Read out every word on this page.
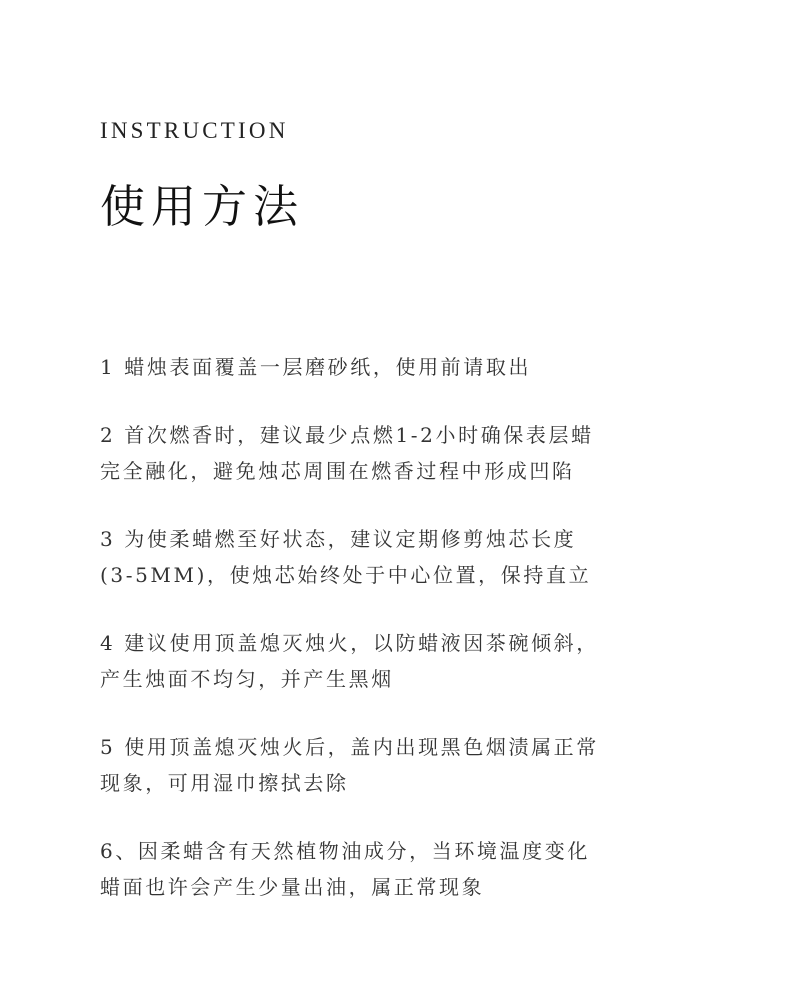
INSTRUCTION
使用方法
1 蜡烛表面覆盖一层磨砂纸，使用前请取出
2 首次燃香时，建议最少点燃1-2小时确保表层蜡
完全融化，避免烛芯周围在燃香过程中形成凹陷
3 为使柔蜡燃至好状态，建议定期修剪烛芯长度
(3-5MM)，使烛芯始终处于中心位置，保持直立
4 建议使用顶盖熄灭烛火，以防蜡液因茶碗倾斜，
产生烛面不均匀，并产生黑烟
5 使用顶盖熄灭烛火后，盖内出现黑色烟渍属正常
现象，可用湿巾擦拭去除
6、因柔蜡含有天然植物油成分，当环境温度变化
蜡面也许会产生少量出油，属正常现象
